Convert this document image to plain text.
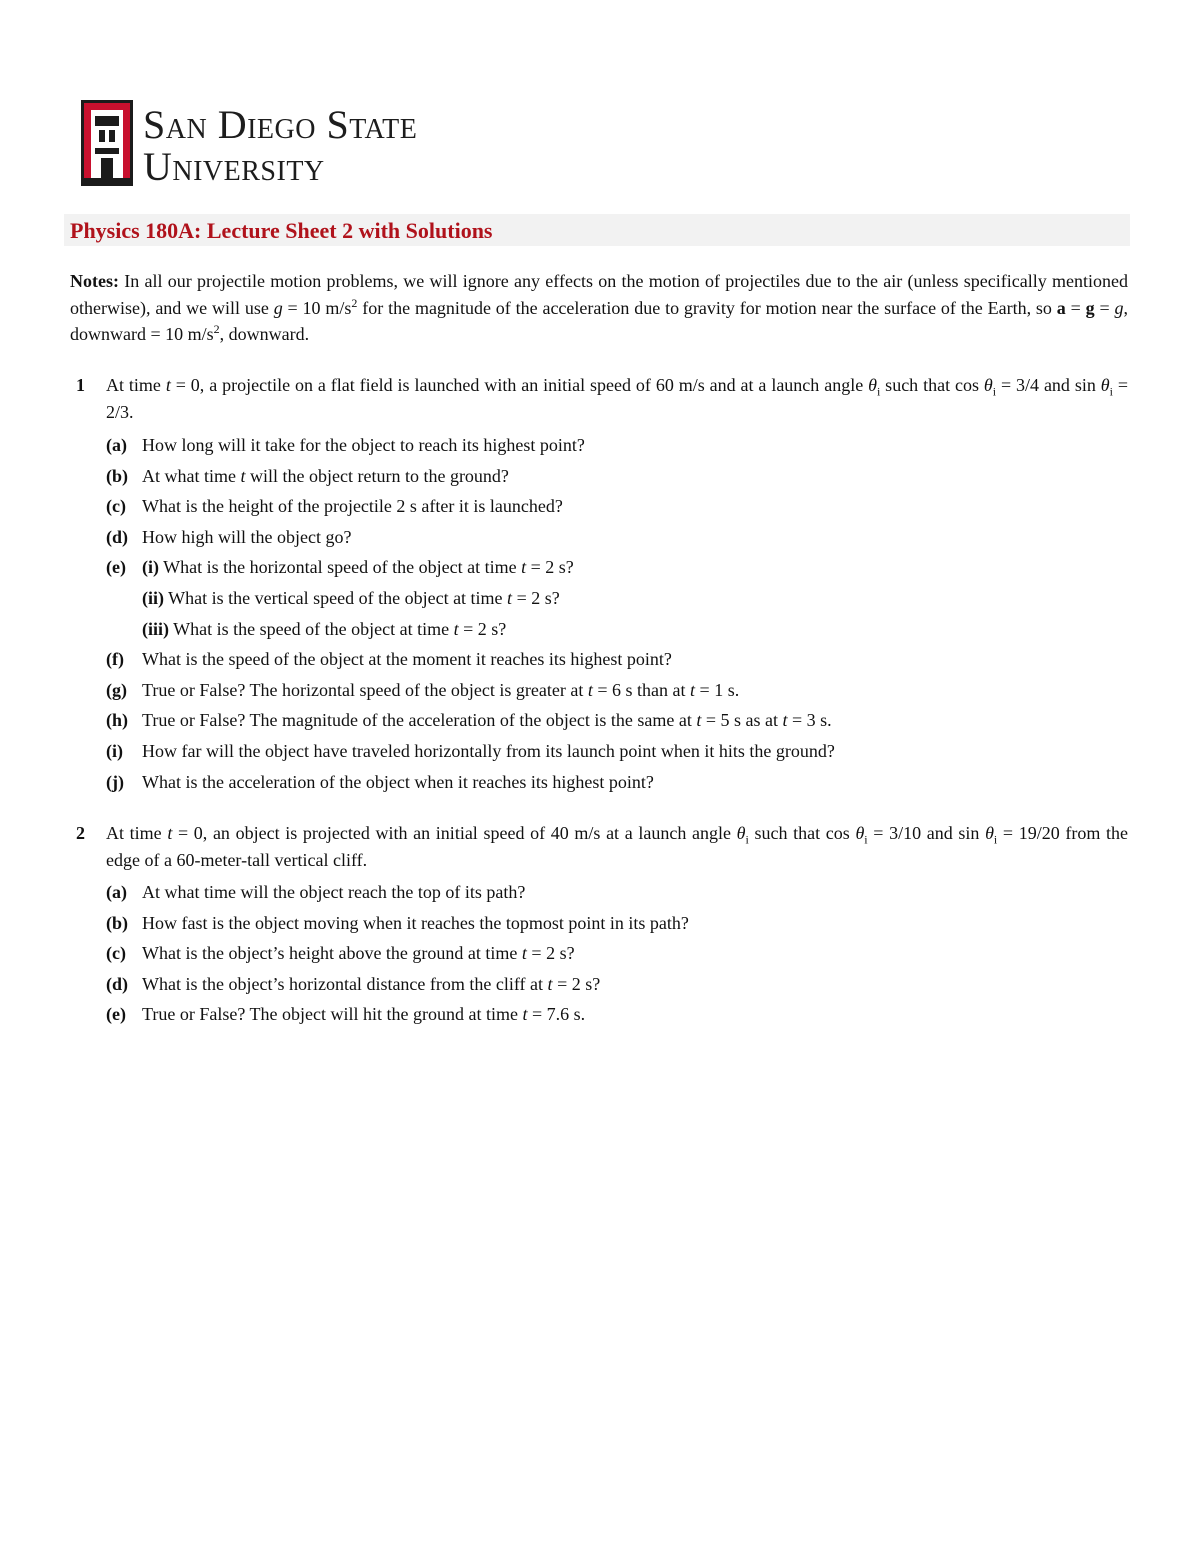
San Diego State
University
Physics 180A: Lecture Sheet 2 with Solutions
Notes: In all our projectile motion problems, we will ignore any effects on the motion of projectiles due to the air (unless specifically mentioned otherwise), and we will use g = 10 $m/s^2$ for the magnitude of the acceleration due to gravity for motion near the surface of the Earth, so a = g = g, downward = 10 $m/s^2$, downward.
1 At time t = 0, a projectile on a flat field is launched with an initial speed of 60 m/s and at a launch angle $\theta_i$ such that $\cos \theta_i = 3/4$ and $\sin \theta_i = 2/3$.
(a) How long will it take for the object to reach its highest point?
(b) At what time t will the object return to the ground?
(c) What is the height of the projectile 2 s after it is launched?
(d) How high will the object go?
(e) (i) What is the horizontal speed of the object at time t = 2 s?
(ii) What is the vertical speed of the object at time t = 2 s?
(iii) What is the speed of the object at time t = 2 s?
(f) What is the speed of the object at the moment it reaches its highest point?
(g) True or False? The horizontal speed of the object is greater at t = 6 s than at t = 1 s.
(h) True or False? The magnitude of the acceleration of the object is the same at t = 5 s as at t = 3 s.
(i) How far will the object have traveled horizontally from its launch point when it hits the ground?
(j) What is the acceleration of the object when it reaches its highest point?
2 At time t = 0, an object is projected with an initial speed of 40 m/s at a launch angle $\theta_i$ such that $\cos \theta_i = 3/10$ and $\sin \theta_i = 19/20$ from the edge of a 60-meter-tall vertical cliff.
(a) At what time will the object reach the top of its path?
(b) How fast is the object moving when it reaches the topmost point in its path?
(c) What is the object’s height above the ground at time t = 2 s?
(d) What is the object’s horizontal distance from the cliff at t = 2 s?
(e) True or False? The object will hit the ground at time t = 7.6 s.
